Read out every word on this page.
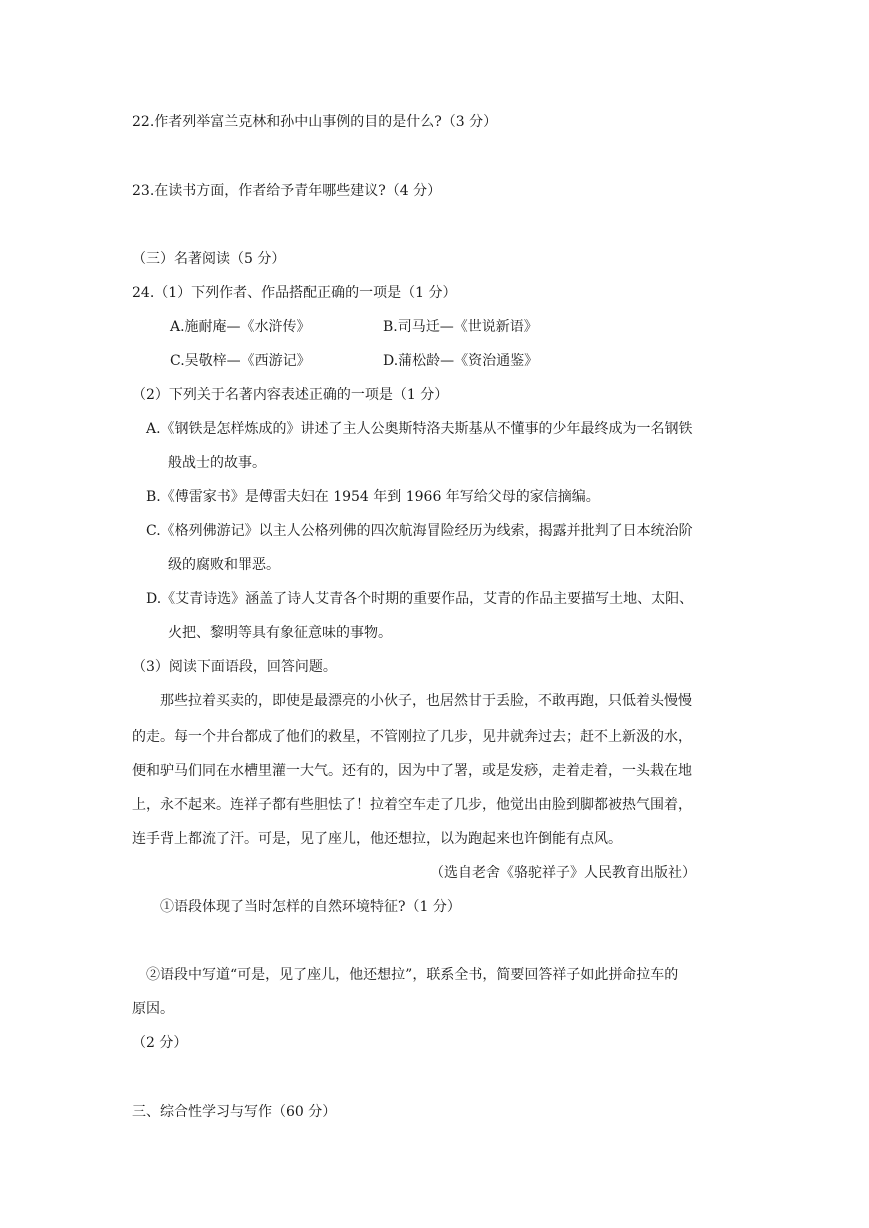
22.作者列举富兰克林和孙中山事例的目的是什么?（3 分）
23.在读书方面，作者给予青年哪些建议?（4 分）
（三）名著阅读（5 分）
24.（1）下列作者、作品搭配正确的一项是（1 分）
A.施耐庵—《水浒传》	B.司马迁—《世说新语》
C.吴敬梓—《西游记》	D.蒲松龄—《资治通鉴》
（2）下列关于名著内容表述正确的一项是（1 分）
A.《钢铁是怎样炼成的》讲述了主人公奥斯特洛夫斯基从不懂事的少年最终成为一名钢铁
般战士的故事。
B.《傅雷家书》是傅雷夫妇在 1954 年到 1966 年写给父母的家信摘编。
C.《格列佛游记》以主人公格列佛的四次航海冒险经历为线索，揭露并批判了日本统治阶
级的腐败和罪恶。
D.《艾青诗选》涵盖了诗人艾青各个时期的重要作品，艾青的作品主要描写土地、太阳、
火把、黎明等具有象征意味的事物。
（3）阅读下面语段，回答问题。
那些拉着买卖的，即使是最漂亮的小伙子，也居然甘于丢脸，不敢再跑，只低着头慢慢
的走。每一个井台都成了他们的救星，不管刚拉了几步，见井就奔过去；赶不上新汲的水，
便和驴马们同在水槽里灌一大气。还有的，因为中了署，或是发痧，走着走着，一头栽在地
上，永不起来。连祥子都有些胆怯了！拉着空车走了几步，他觉出由脸到脚都被热气围着，
连手背上都流了汗。可是，见了座儿，他还想拉，以为跑起来也许倒能有点风。
（选自老舍《骆驼祥子》人民教育出版社）
①语段体现了当时怎样的自然环境特征?（1 分）
②语段中写道“可是，见了座儿，他还想拉”，联系全书，简要回答祥子如此拼命拉车的
原因。
（2 分）
三、综合性学习与写作（60 分）
